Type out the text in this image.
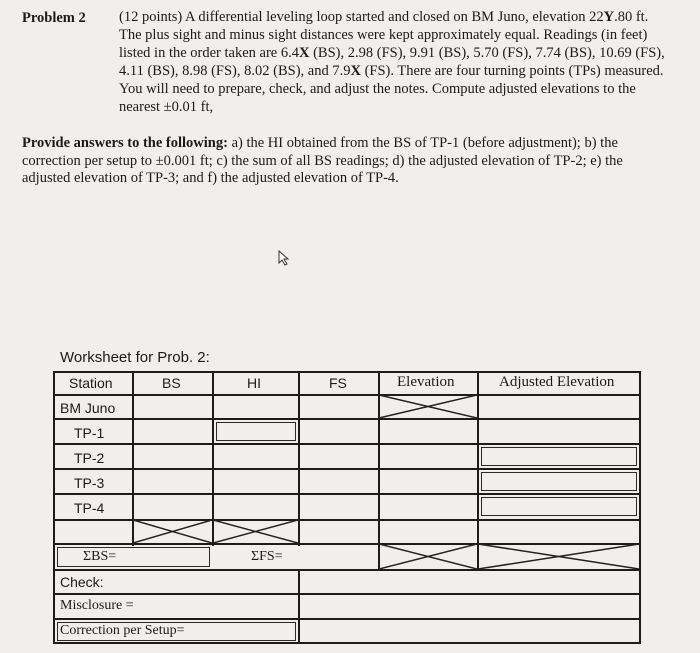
Problem 2 (12 points) A differential leveling loop started and closed on BM Juno, elevation 22Y.80 ft. The plus sight and minus sight distances were kept approximately equal. Readings (in feet) listed in the order taken are 6.4X (BS), 2.98 (FS), 9.91 (BS), 5.70 (FS), 7.74 (BS), 10.69 (FS), 4.11 (BS), 8.98 (FS), 8.02 (BS), and 7.9X (FS). There are four turning points (TPs) measured. You will need to prepare, check, and adjust the notes. Compute adjusted elevations to the nearest ±0.01 ft,
Provide answers to the following: a) the HI obtained from the BS of TP-1 (before adjustment); b) the correction per setup to ±0.001 ft; c) the sum of all BS readings; d) the adjusted elevation of TP-2; e) the adjusted elevation of TP-3; and f) the adjusted elevation of TP-4.
Worksheet for Prob. 2:
Station	BS	HI	FS	Elevation	Adjusted Elevation
BM Juno
TP-1
TP-2
TP-3
TP-4
ΣBS=	ΣFS=
Check:
Misclosure =
Correction per Setup=
